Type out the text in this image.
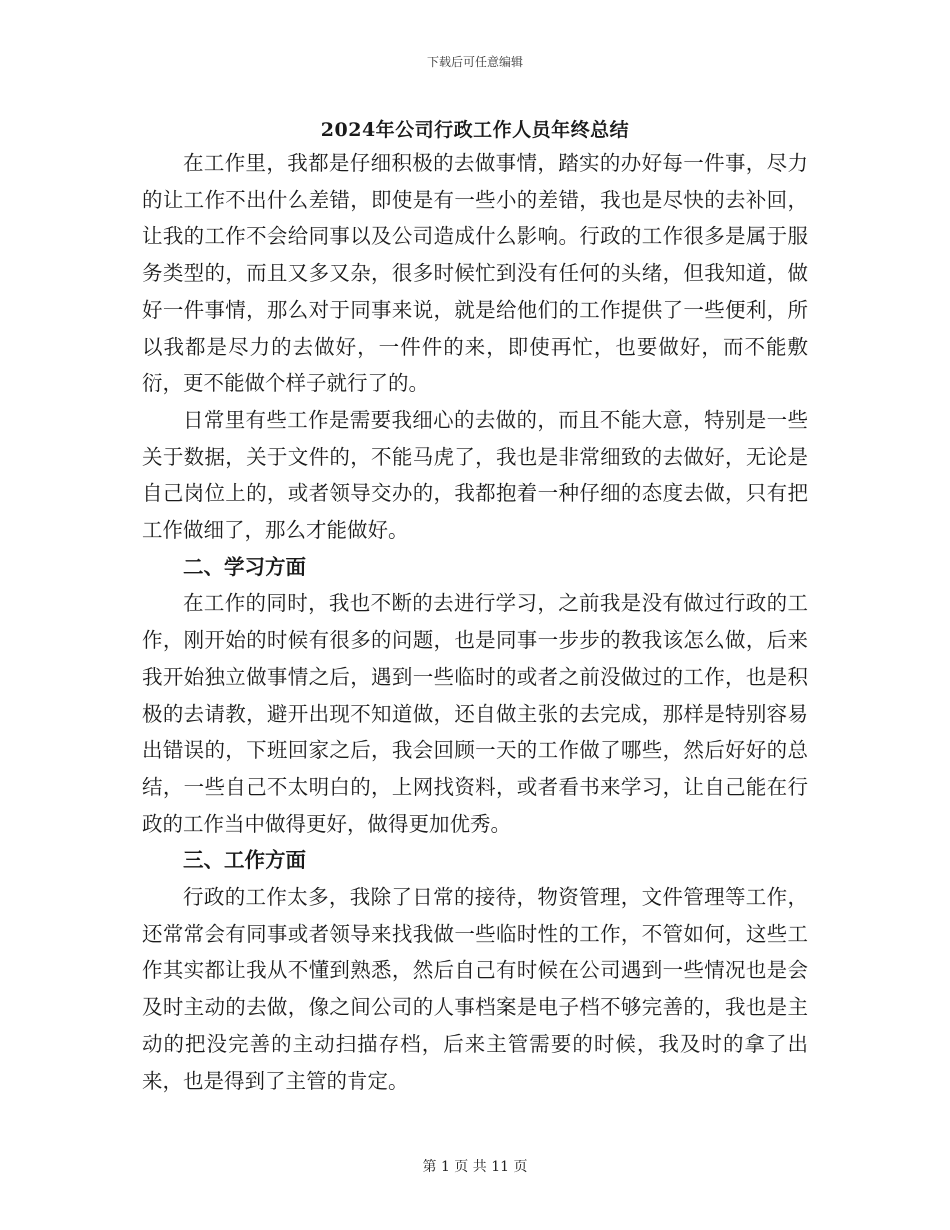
下载后可任意编辑
2024年公司行政工作人员年终总结

在工作里，我都是仔细积极的去做事情，踏实的办好每一件事，尽力的让工作不出什么差错，即使是有一些小的差错，我也是尽快的去补回，让我的工作不会给同事以及公司造成什么影响。行政的工作很多是属于服务类型的，而且又多又杂，很多时候忙到没有任何的头绪，但我知道，做好一件事情，那么对于同事来说，就是给他们的工作提供了一些便利，所以我都是尽力的去做好，一件件的来，即使再忙，也要做好，而不能敷衍，更不能做个样子就行了的。

日常里有些工作是需要我细心的去做的，而且不能大意，特别是一些关于数据，关于文件的，不能马虎了，我也是非常细致的去做好，无论是自己岗位上的，或者领导交办的，我都抱着一种仔细的态度去做，只有把工作做细了，那么才能做好。

二、学习方面

在工作的同时，我也不断的去进行学习，之前我是没有做过行政的工作，刚开始的时候有很多的问题，也是同事一步步的教我该怎么做，后来我开始独立做事情之后，遇到一些临时的或者之前没做过的工作，也是积极的去请教，避开出现不知道做，还自做主张的去完成，那样是特别容易出错误的，下班回家之后，我会回顾一天的工作做了哪些，然后好好的总结，一些自己不太明白的，上网找资料，或者看书来学习，让自己能在行政的工作当中做得更好，做得更加优秀。

三、工作方面

行政的工作太多，我除了日常的接待，物资管理，文件管理等工作，还常常会有同事或者领导来找我做一些临时性的工作，不管如何，这些工作其实都让我从不懂到熟悉，然后自己有时候在公司遇到一些情况也是会及时主动的去做，像之间公司的人事档案是电子档不够完善的，我也是主动的把没完善的主动扫描存档，后来主管需要的时候，我及时的拿了出来，也是得到了主管的肯定。

第 1 页 共 11 页
